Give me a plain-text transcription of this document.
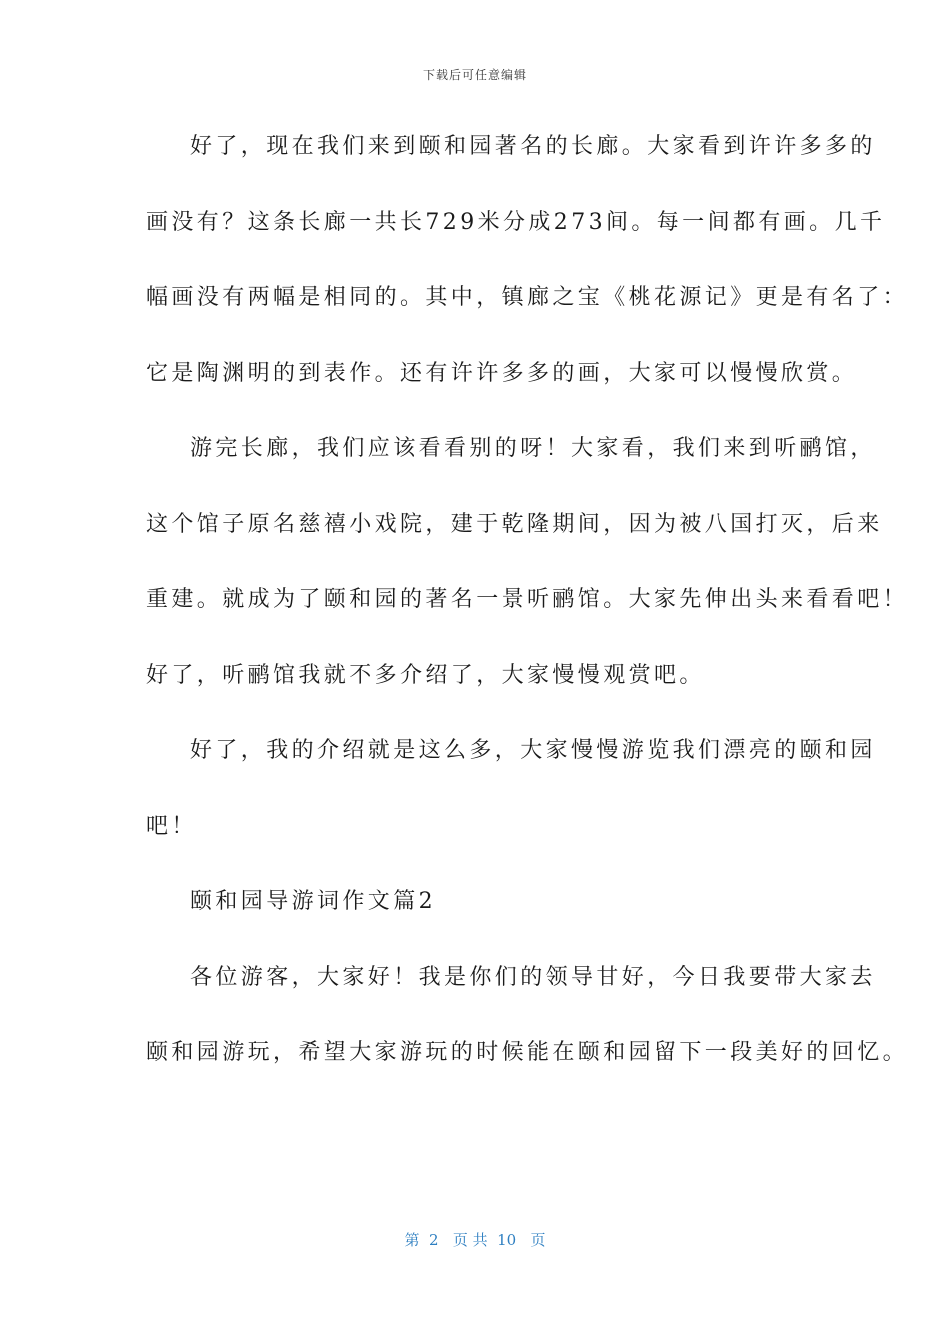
下载后可任意编辑
好了，现在我们来到颐和园著名的长廊。大家看到许许多多的
画没有？这条长廊一共长729米分成273间。每一间都有画。几千
幅画没有两幅是相同的。其中，镇廊之宝《桃花源记》更是有名了：
它是陶渊明的到表作。还有许许多多的画，大家可以慢慢欣赏。
游完长廊，我们应该看看别的呀！大家看，我们来到听鹂馆，
这个馆子原名慈禧小戏院，建于乾隆期间，因为被八国打灭，后来
重建。就成为了颐和园的著名一景听鹂馆。大家先伸出头来看看吧！
好了，听鹂馆我就不多介绍了，大家慢慢观赏吧。
好了，我的介绍就是这么多，大家慢慢游览我们漂亮的颐和园
吧！
颐和园导游词作文篇2
各位游客，大家好！我是你们的领导甘好，今日我要带大家去
颐和园游玩，希望大家游玩的时候能在颐和园留下一段美好的回忆。
第  2   页 共  10   页
